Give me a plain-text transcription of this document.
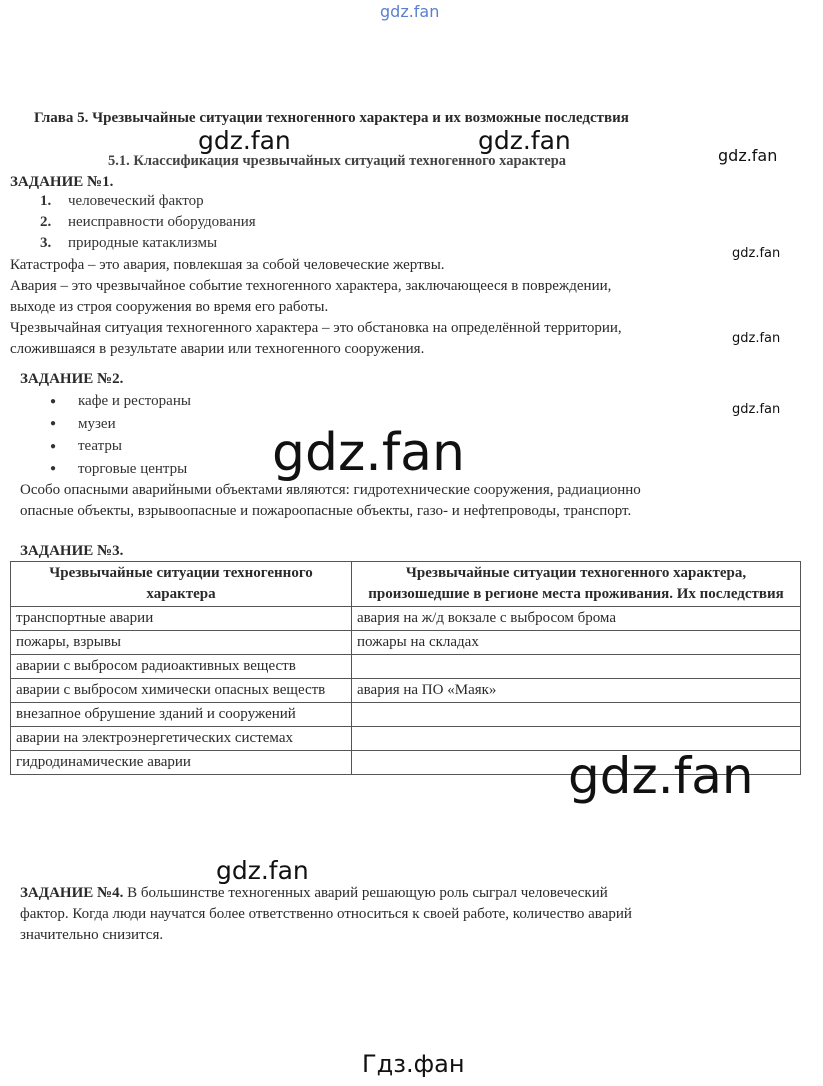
gdz.fan
Глава 5. Чрезвычайные ситуации техногенного характера и их возможные последствия
gdz.fan	gdz.fan
gdz.fan
5.1. Классификация чрезвычайных ситуаций техногенного характера
ЗАДАНИЕ №1.
1. человеческий фактор
2. неисправности оборудования
3. природные катаклизмы
Катастрофа – это авария, повлекшая за собой человеческие жертвы.
gdz.fan
Авария – это чрезвычайное событие техногенного характера, заключающееся в повреждении,
выходе из строя сооружения во время его работы.
Чрезвычайная ситуация техногенного характера – это обстановка на определённой территории,
gdz.fan
сложившаяся в результате аварии или техногенного сооружения.
ЗАДАНИЕ №2.
● кафе и рестораны
● музеи
● театры
● торговые центры
gdz.fan
gdz.fan
Особо опасными аварийными объектами являются: гидротехнические сооружения, радиационно
опасные объекты, взрывоопасные и пожароопасные объекты, газо- и нефтепроводы, транспорт.
ЗАДАНИЕ №3.
Чрезвычайные ситуации техногенного характера	Чрезвычайные ситуации техногенного характера, произошедшие в регионе места проживания. Их последствия
транспортные аварии	авария на ж/д вокзале с выбросом брома
пожары, взрывы	пожары на складах
аварии с выбросом радиоактивных веществ	
аварии с выбросом химически опасных веществ	авария на ПО «Маяк»
внезапное обрушение зданий и сооружений	
аварии на электроэнергетических системах	
гидродинамические аварии		gdz.fan
gdz.fan
ЗАДАНИЕ №4. В большинстве техногенных аварий решающую роль сыграл человеческий
фактор. Когда люди научатся более ответственно относиться к своей работе, количество аварий
значительно снизится.
Гдз.фан
